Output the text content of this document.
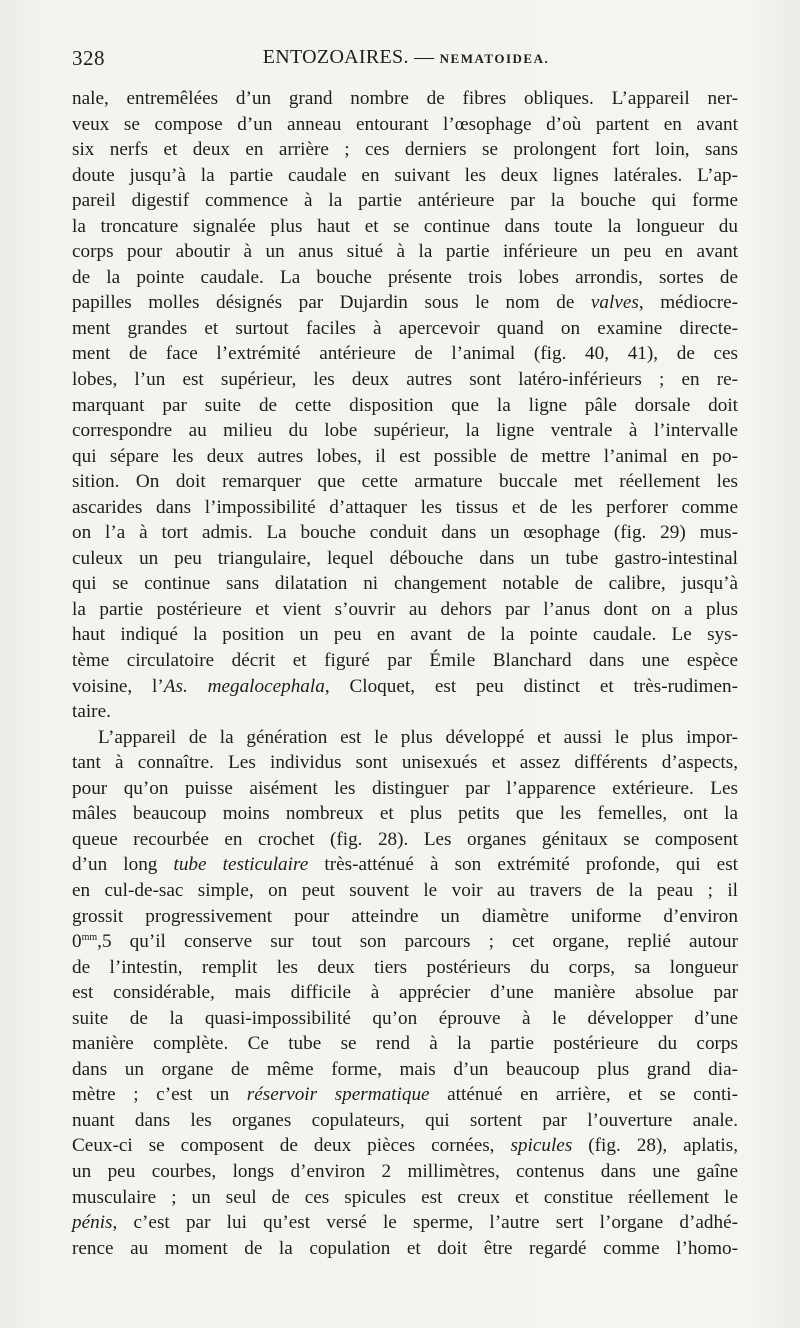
328	ENTOZOAIRES. — NEMATOIDEA.
nale, entremêlées d’un grand nombre de fibres obliques. L’appareil ner-
veux se compose d’un anneau entourant l’œsophage d’où partent en avant
six nerfs et deux en arrière ; ces derniers se prolongent fort loin, sans
doute jusqu’à la partie caudale en suivant les deux lignes latérales. L’ap-
pareil digestif commence à la partie antérieure par la bouche qui forme
la troncature signalée plus haut et se continue dans toute la longueur du
corps pour aboutir à un anus situé à la partie inférieure un peu en avant
de la pointe caudale. La bouche présente trois lobes arrondis, sortes de
papilles molles désignés par Dujardin sous le nom de valves, médiocre-
ment grandes et surtout faciles à apercevoir quand on examine directe-
ment de face l’extrémité antérieure de l’animal (fig. 40, 41), de ces
lobes, l’un est supérieur, les deux autres sont latéro-inférieurs ; en re-
marquant par suite de cette disposition que la ligne pâle dorsale doit
correspondre au milieu du lobe supérieur, la ligne ventrale à l’intervalle
qui sépare les deux autres lobes, il est possible de mettre l’animal en po-
sition. On doit remarquer que cette armature buccale met réellement les
ascarides dans l’impossibilité d’attaquer les tissus et de les perforer comme
on l’a à tort admis. La bouche conduit dans un œsophage (fig. 29) mus-
culeux un peu triangulaire, lequel débouche dans un tube gastro-intestinal
qui se continue sans dilatation ni changement notable de calibre, jusqu’à
la partie postérieure et vient s’ouvrir au dehors par l’anus dont on a plus
haut indiqué la position un peu en avant de la pointe caudale. Le sys-
tème circulatoire décrit et figuré par Émile Blanchard dans une espèce
voisine, l’As. megalocephala, Cloquet, est peu distinct et très-rudimen-
taire.
L’appareil de la génération est le plus développé et aussi le plus impor-
tant à connaître. Les individus sont unisexués et assez différents d’aspects,
pour qu’on puisse aisément les distinguer par l’apparence extérieure. Les
mâles beaucoup moins nombreux et plus petits que les femelles, ont la
queue recourbée en crochet (fig. 28). Les organes génitaux se composent
d’un long tube testiculaire très-atténué à son extrémité profonde, qui est
en cul-de-sac simple, on peut souvent le voir au travers de la peau ; il
grossit progressivement pour atteindre un diamètre uniforme d’environ
$0^{mm},5$ qu’il conserve sur tout son parcours ; cet organe, replié autour
de l’intestin, remplit les deux tiers postérieurs du corps, sa longueur
est considérable, mais difficile à apprécier d’une manière absolue par
suite de la quasi-impossibilité qu’on éprouve à le développer d’une
manière complète. Ce tube se rend à la partie postérieure du corps
dans un organe de même forme, mais d’un beaucoup plus grand dia-
mètre ; c’est un réservoir spermatique atténué en arrière, et se conti-
nuant dans les organes copulateurs, qui sortent par l’ouverture anale.
Ceux-ci se composent de deux pièces cornées, spicules (fig. 28), aplatis,
un peu courbes, longs d’environ 2 millimètres, contenus dans une gaîne
musculaire ; un seul de ces spicules est creux et constitue réellement le
pénis, c’est par lui qu’est versé le sperme, l’autre sert l’organe d’adhé-
rence au moment de la copulation et doit être regardé comme l’homo-
